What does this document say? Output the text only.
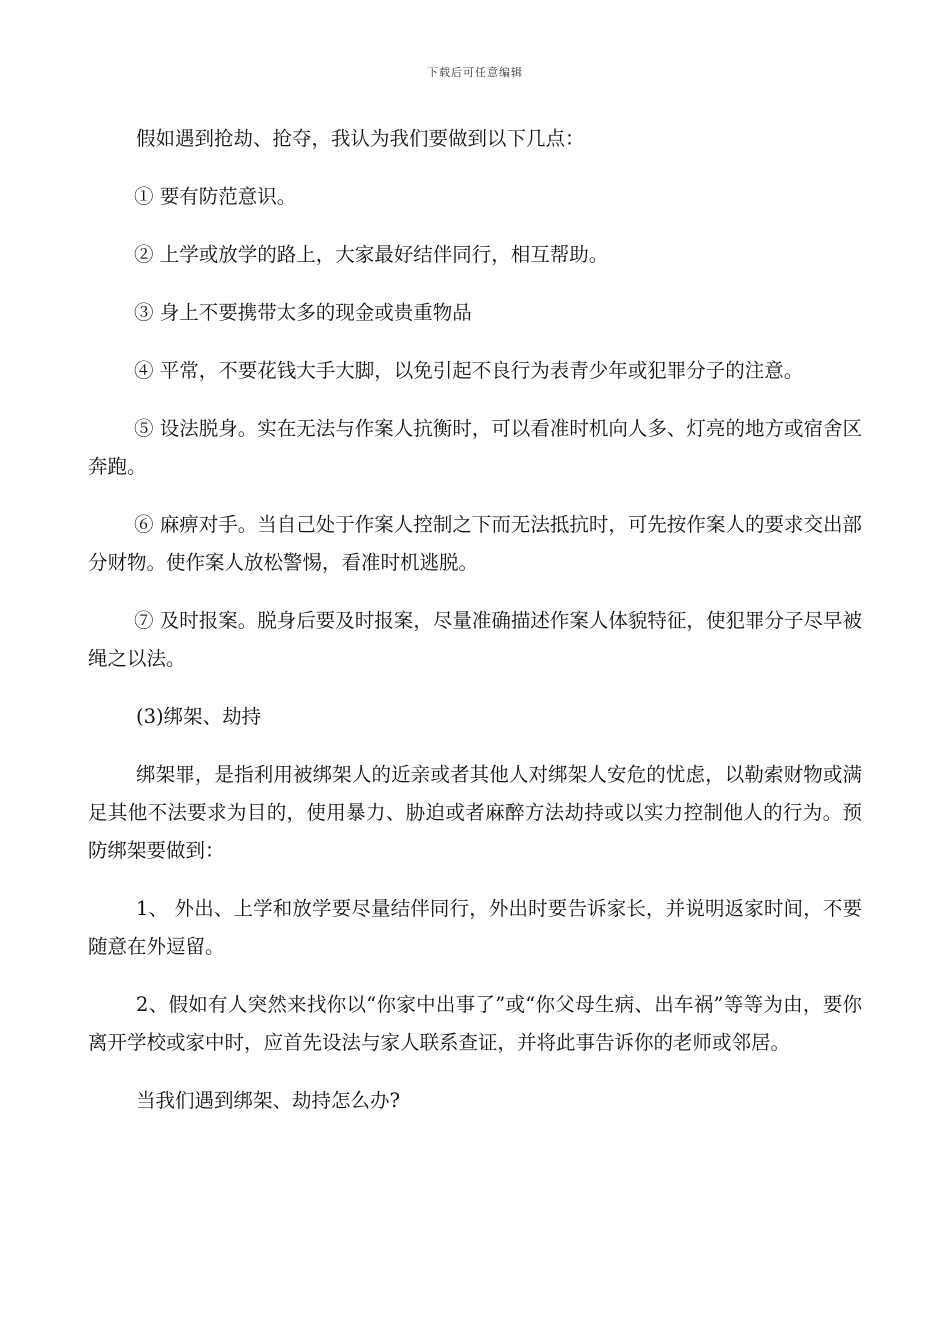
下载后可任意编辑

假如遇到抢劫、抢夺，我认为我们要做到以下几点：

① 要有防范意识。

② 上学或放学的路上，大家最好结伴同行，相互帮助。

③ 身上不要携带太多的现金或贵重物品

④ 平常，不要花钱大手大脚，以免引起不良行为表青少年或犯罪分子的注意。

⑤ 设法脱身。实在无法与作案人抗衡时，可以看准时机向人多、灯亮的地方或宿舍区奔跑。

⑥ 麻痹对手。当自己处于作案人控制之下而无法抵抗时，可先按作案人的要求交出部分财物。使作案人放松警惕，看准时机逃脱。

⑦ 及时报案。脱身后要及时报案，尽量准确描述作案人体貌特征，使犯罪分子尽早被绳之以法。

(3)绑架、劫持

绑架罪，是指利用被绑架人的近亲或者其他人对绑架人安危的忧虑，以勒索财物或满足其他不法要求为目的，使用暴力、胁迫或者麻醉方法劫持或以实力控制他人的行为。预防绑架要做到：

1、 外出、上学和放学要尽量结伴同行，外出时要告诉家长，并说明返家时间，不要随意在外逗留。

2、假如有人突然来找你以“你家中出事了”或“你父母生病、出车祸”等等为由，要你离开学校或家中时，应首先设法与家人联系查证，并将此事告诉你的老师或邻居。

当我们遇到绑架、劫持怎么办?
